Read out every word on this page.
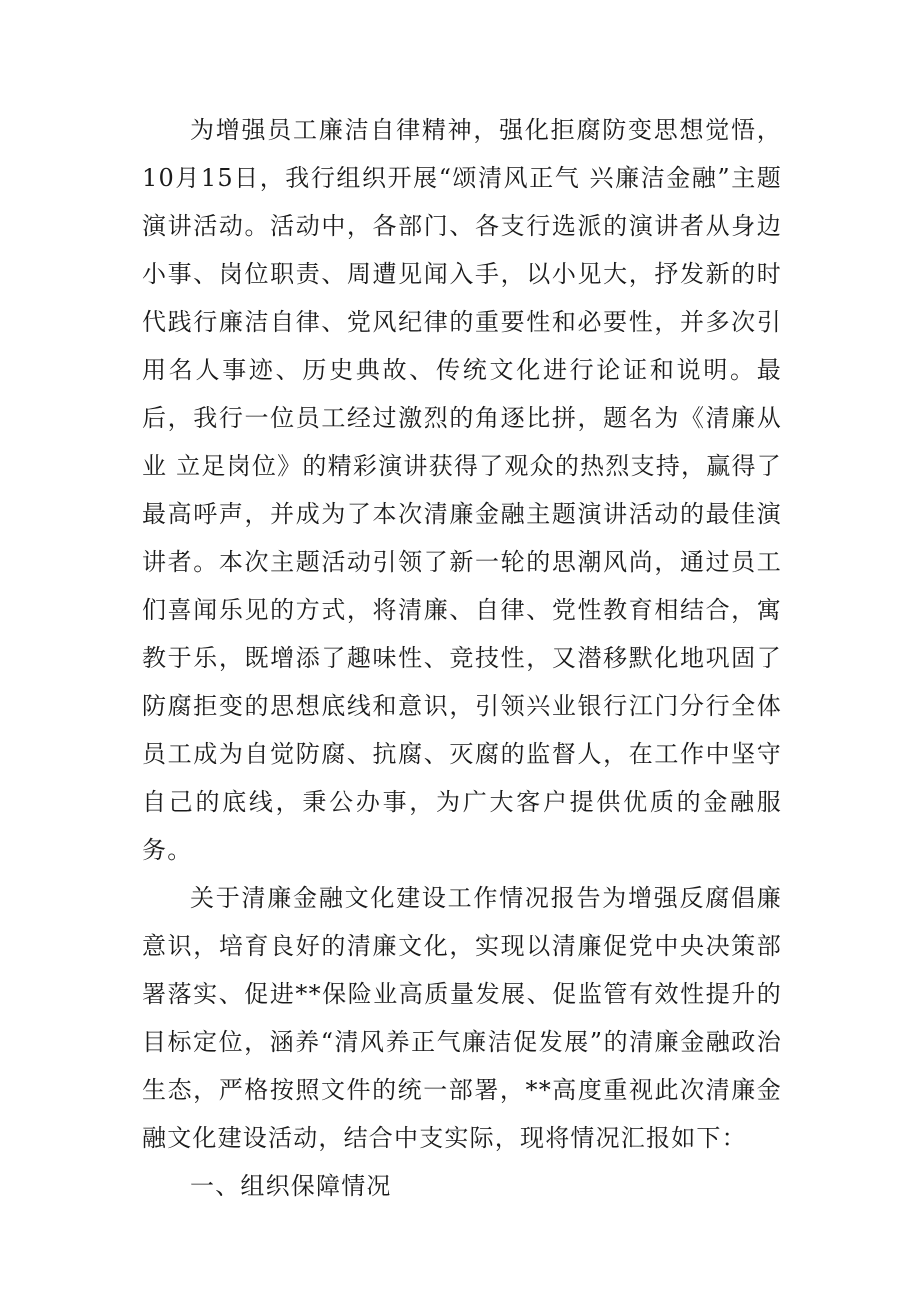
为增强员工廉洁自律精神，强化拒腐防变思想觉悟，10月15日，我行组织开展“颂清风正气 兴廉洁金融”主题演讲活动。活动中，各部门、各支行选派的演讲者从身边小事、岗位职责、周遭见闻入手，以小见大，抒发新的时代践行廉洁自律、党风纪律的重要性和必要性，并多次引用名人事迹、历史典故、传统文化进行论证和说明。最后，我行一位员工经过激烈的角逐比拼，题名为《清廉从业 立足岗位》的精彩演讲获得了观众的热烈支持，赢得了最高呼声，并成为了本次清廉金融主题演讲活动的最佳演讲者。本次主题活动引领了新一轮的思潮风尚，通过员工们喜闻乐见的方式，将清廉、自律、党性教育相结合，寓教于乐，既增添了趣味性、竞技性，又潜移默化地巩固了防腐拒变的思想底线和意识，引领兴业银行江门分行全体员工成为自觉防腐、抗腐、灭腐的监督人，在工作中坚守自己的底线，秉公办事，为广大客户提供优质的金融服务。

关于清廉金融文化建设工作情况报告为增强反腐倡廉意识，培育良好的清廉文化，实现以清廉促党中央决策部署落实、促进**保险业高质量发展、促监管有效性提升的目标定位，涵养“清风养正气廉洁促发展”的清廉金融政治生态，严格按照文件的统一部署，**高度重视此次清廉金融文化建设活动，结合中支实际，现将情况汇报如下：

一、组织保障情况
